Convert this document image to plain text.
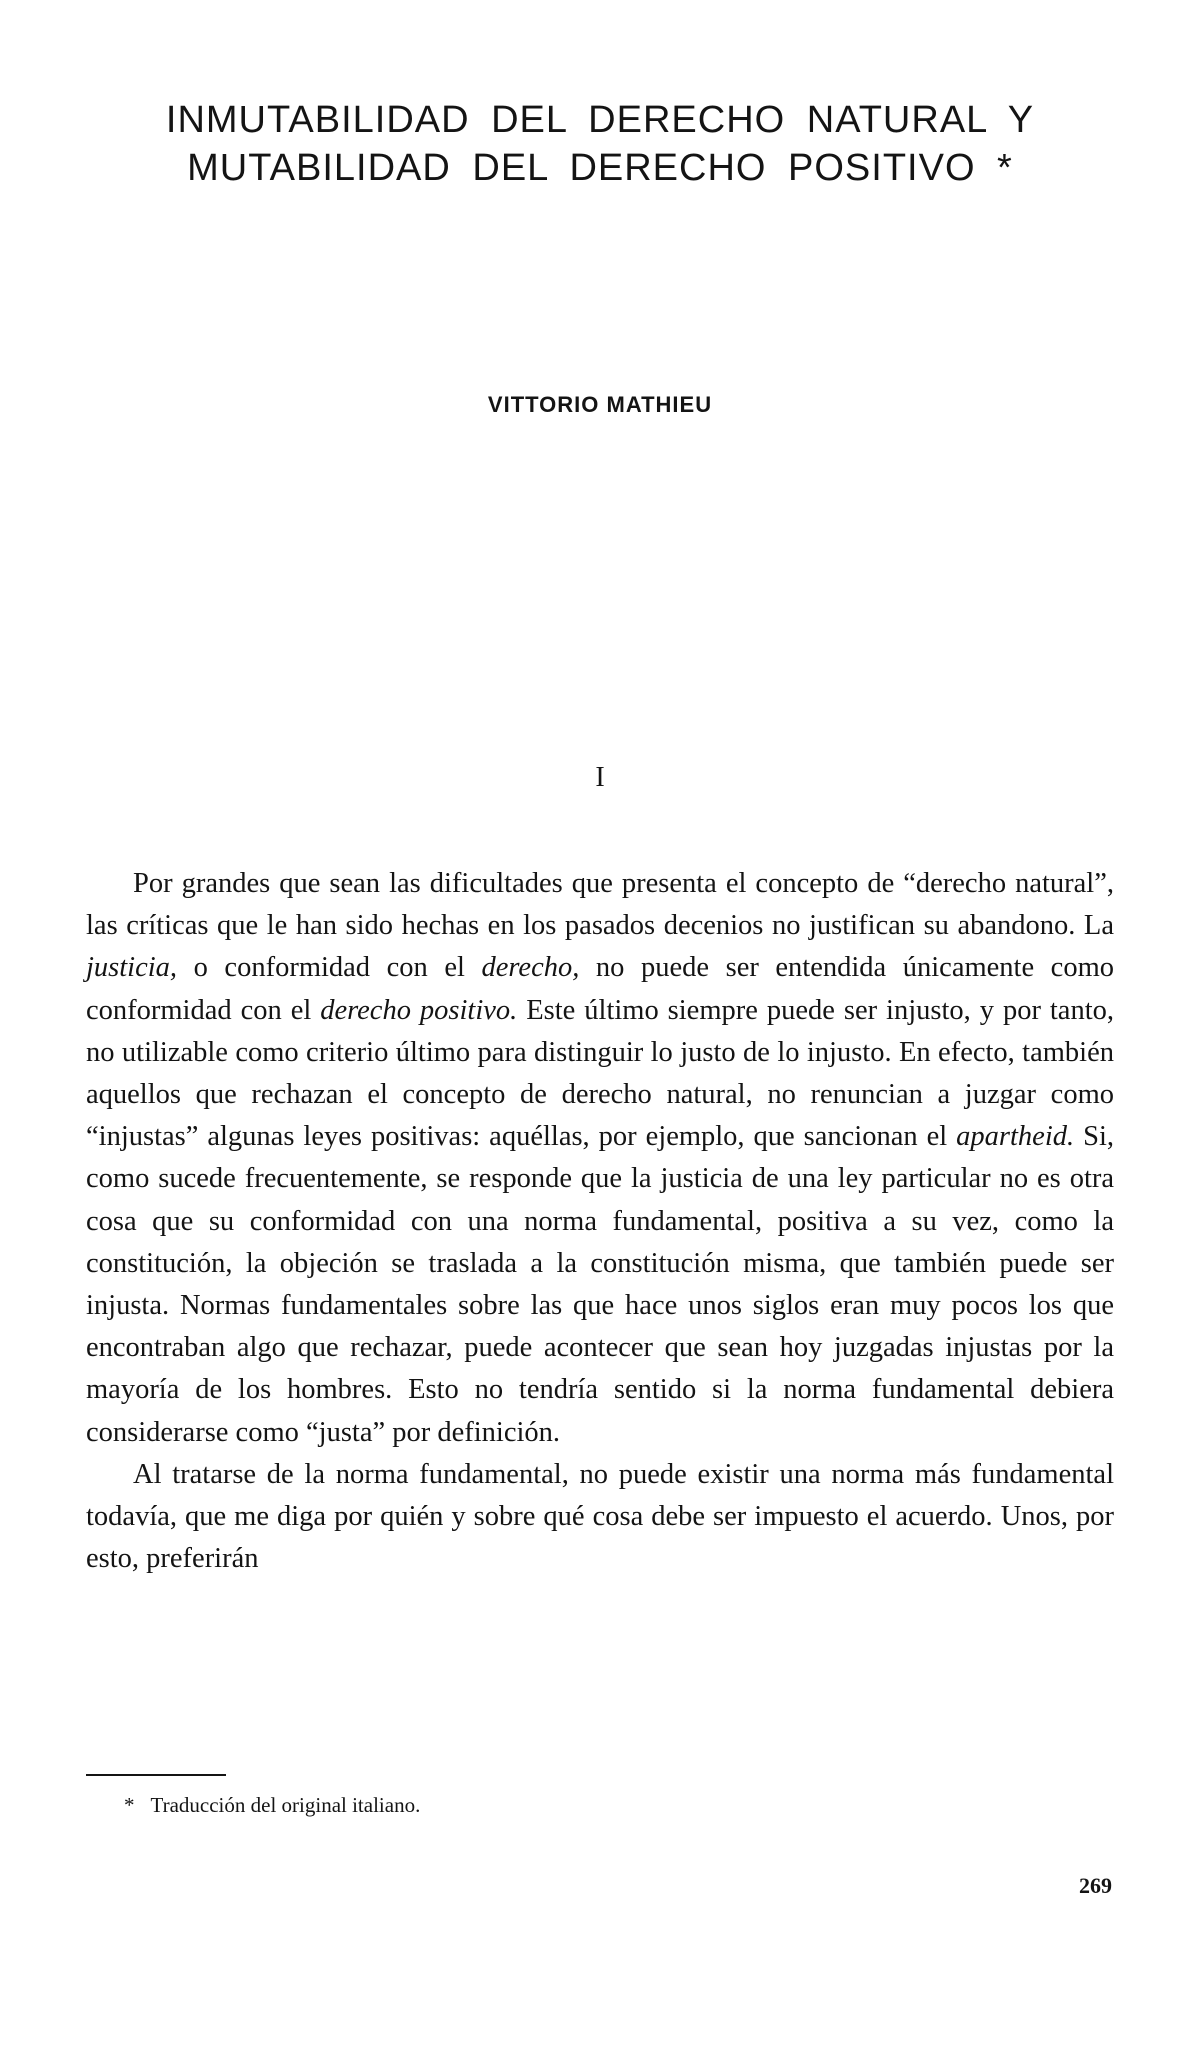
INMUTABILIDAD DEL DERECHO NATURAL Y
MUTABILIDAD DEL DERECHO POSITIVO *
VITTORIO MATHIEU
I

Por grandes que sean las dificultades que presenta el concepto de “derecho natural”, las críticas que le han sido hechas en los pasados decenios no justifican su abandono. La justicia, o conformidad con el derecho, no puede ser entendida únicamente como conformidad con el derecho positivo. Este último siempre puede ser injusto, y por tanto, no utilizable como criterio último para distinguir lo justo de lo injusto. En efecto, también aquellos que rechazan el concepto de derecho natural, no renuncian a juzgar como “injustas” algunas leyes positivas: aquéllas, por ejemplo, que sancionan el apartheid. Si, como sucede frecuentemente, se responde que la justicia de una ley particular no es otra cosa que su conformidad con una norma fundamental, positiva a su vez, como la constitución, la objeción se traslada a la constitución misma, que también puede ser injusta. Normas fundamentales sobre las que hace unos siglos eran muy pocos los que encontraban algo que rechazar, puede acontecer que sean hoy juzgadas injustas por la mayoría de los hombres. Esto no tendría sentido si la norma fundamental debiera considerarse como “justa” por definición.

Al tratarse de la norma fundamental, no puede existir una norma más fundamental todavía, que me diga por quién y sobre qué cosa debe ser impuesto el acuerdo. Unos, por esto, preferirán

* Traducción del original italiano.
269
